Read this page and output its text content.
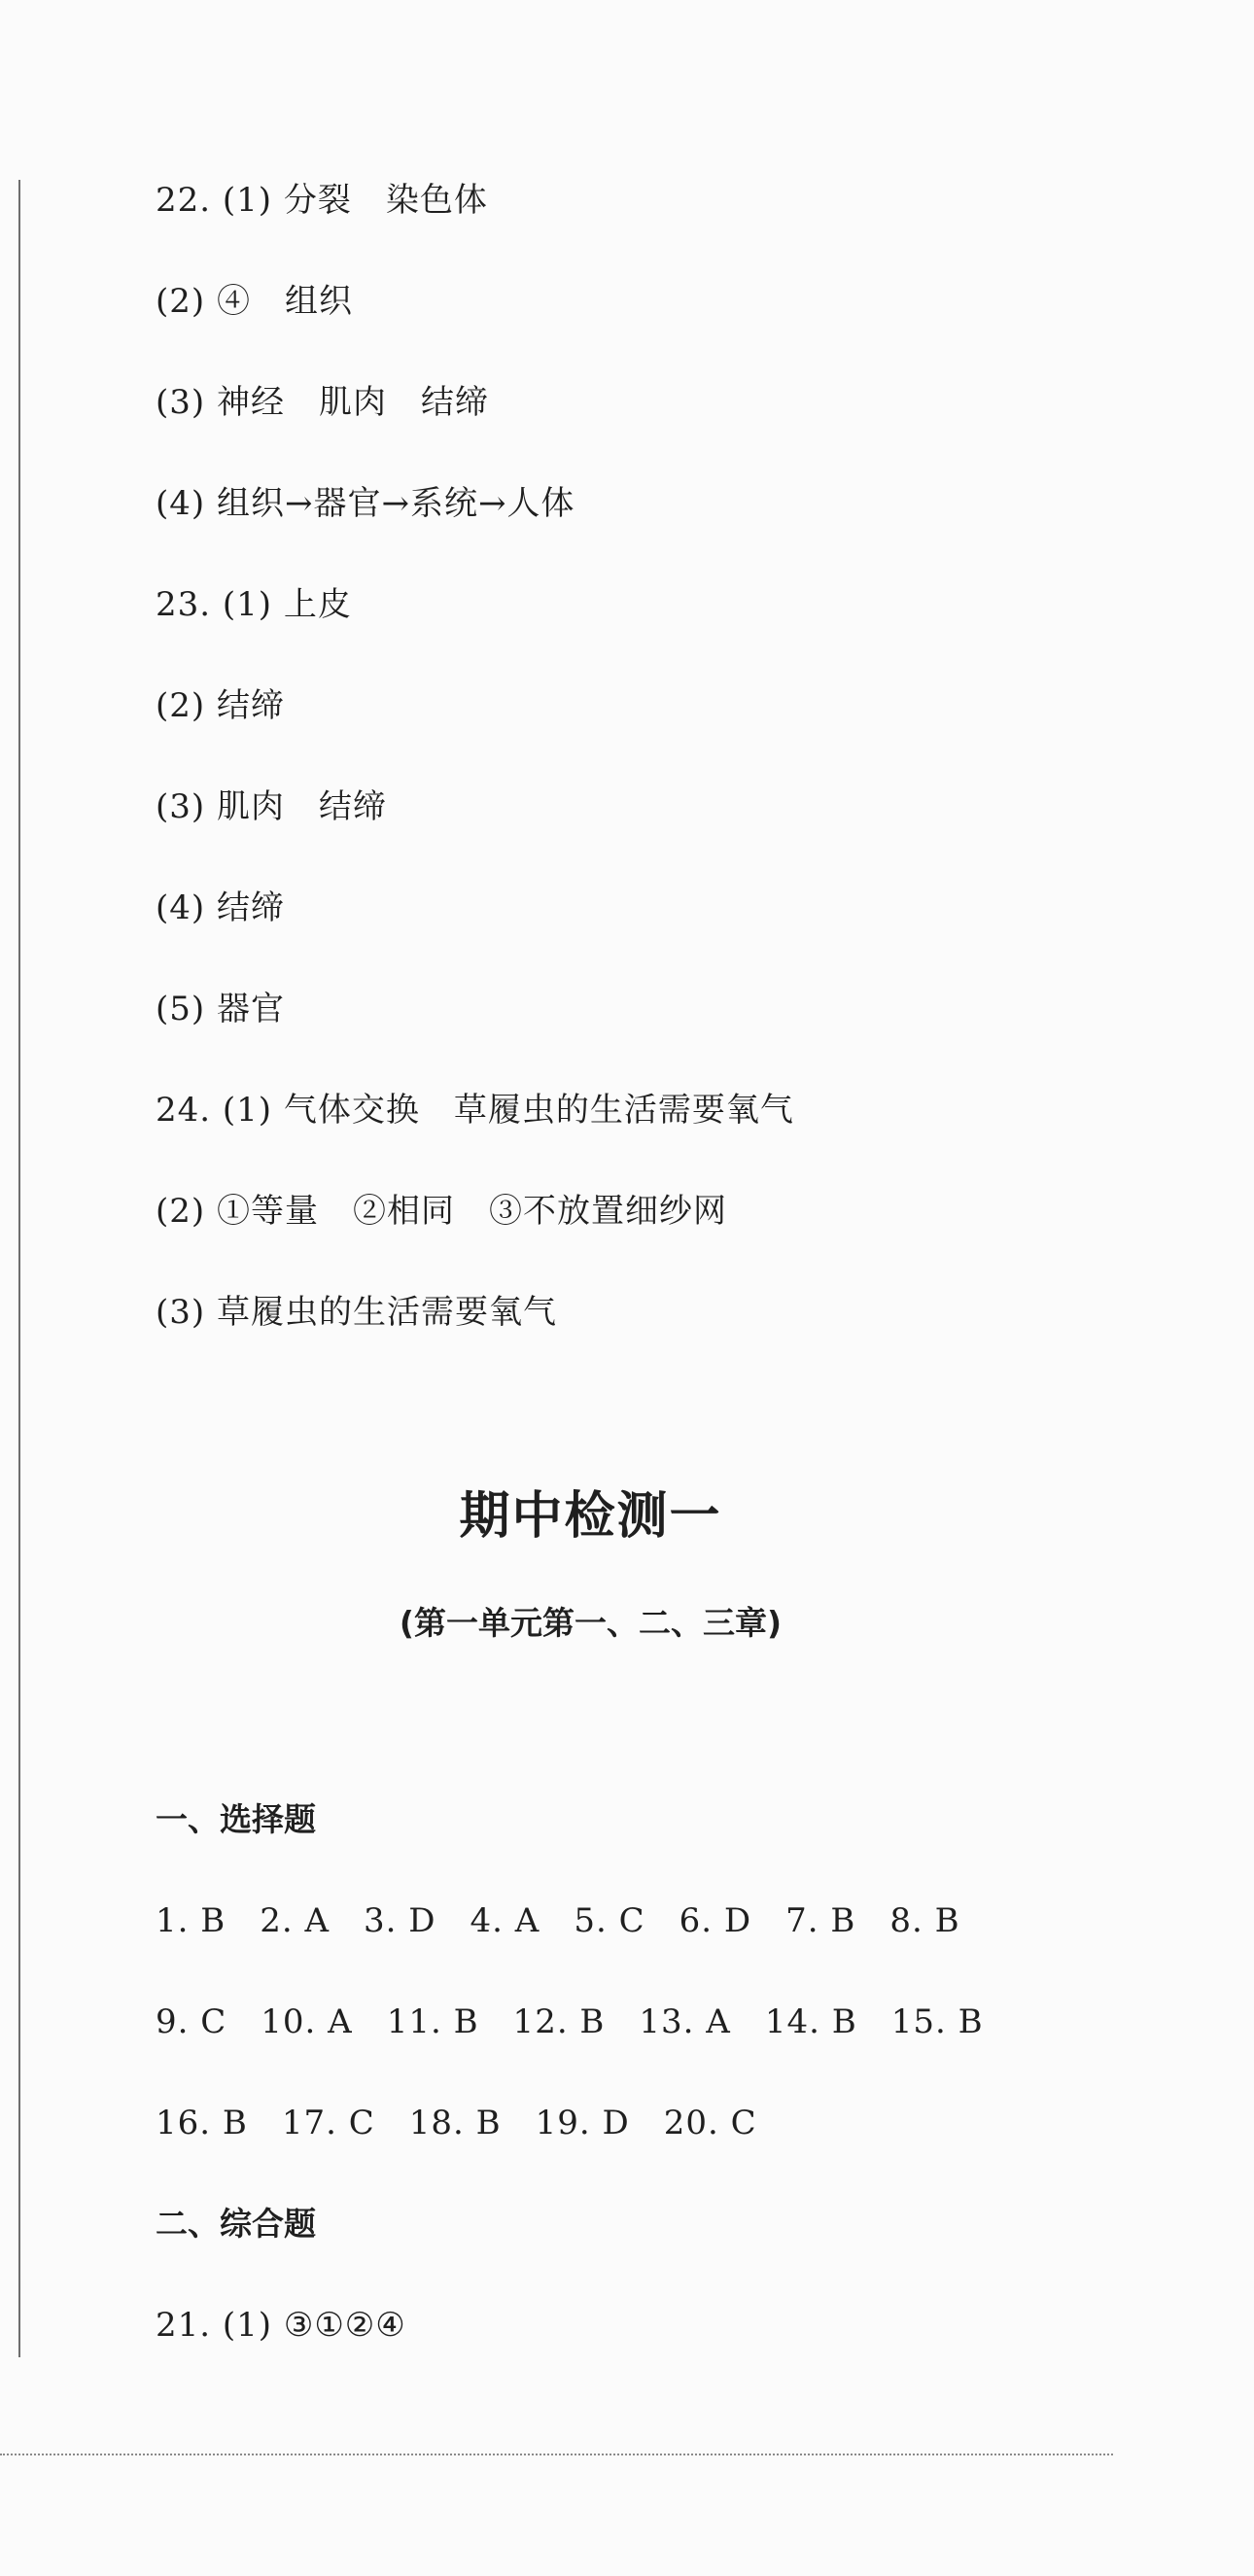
22. (1) 分裂　染色体
(2) ④　组织
(3) 神经　肌肉　结缔
(4) 组织→器官→系统→人体
23. (1) 上皮
(2) 结缔
(3) 肌肉　结缔
(4) 结缔
(5) 器官
24. (1) 气体交换　草履虫的生活需要氧气
(2) ①等量　②相同　③不放置细纱网
(3) 草履虫的生活需要氧气
期中检测一
(第一单元第一、二、三章)
一、选择题
1. B　2. A　3. D　4. A　5. C　6. D　7. B　8. B
9. C　10. A　11. B　12. B　13. A　14. B　15. B
16. B　17. C　18. B　19. D　20. C
二、综合题
21. (1) ③①②④
